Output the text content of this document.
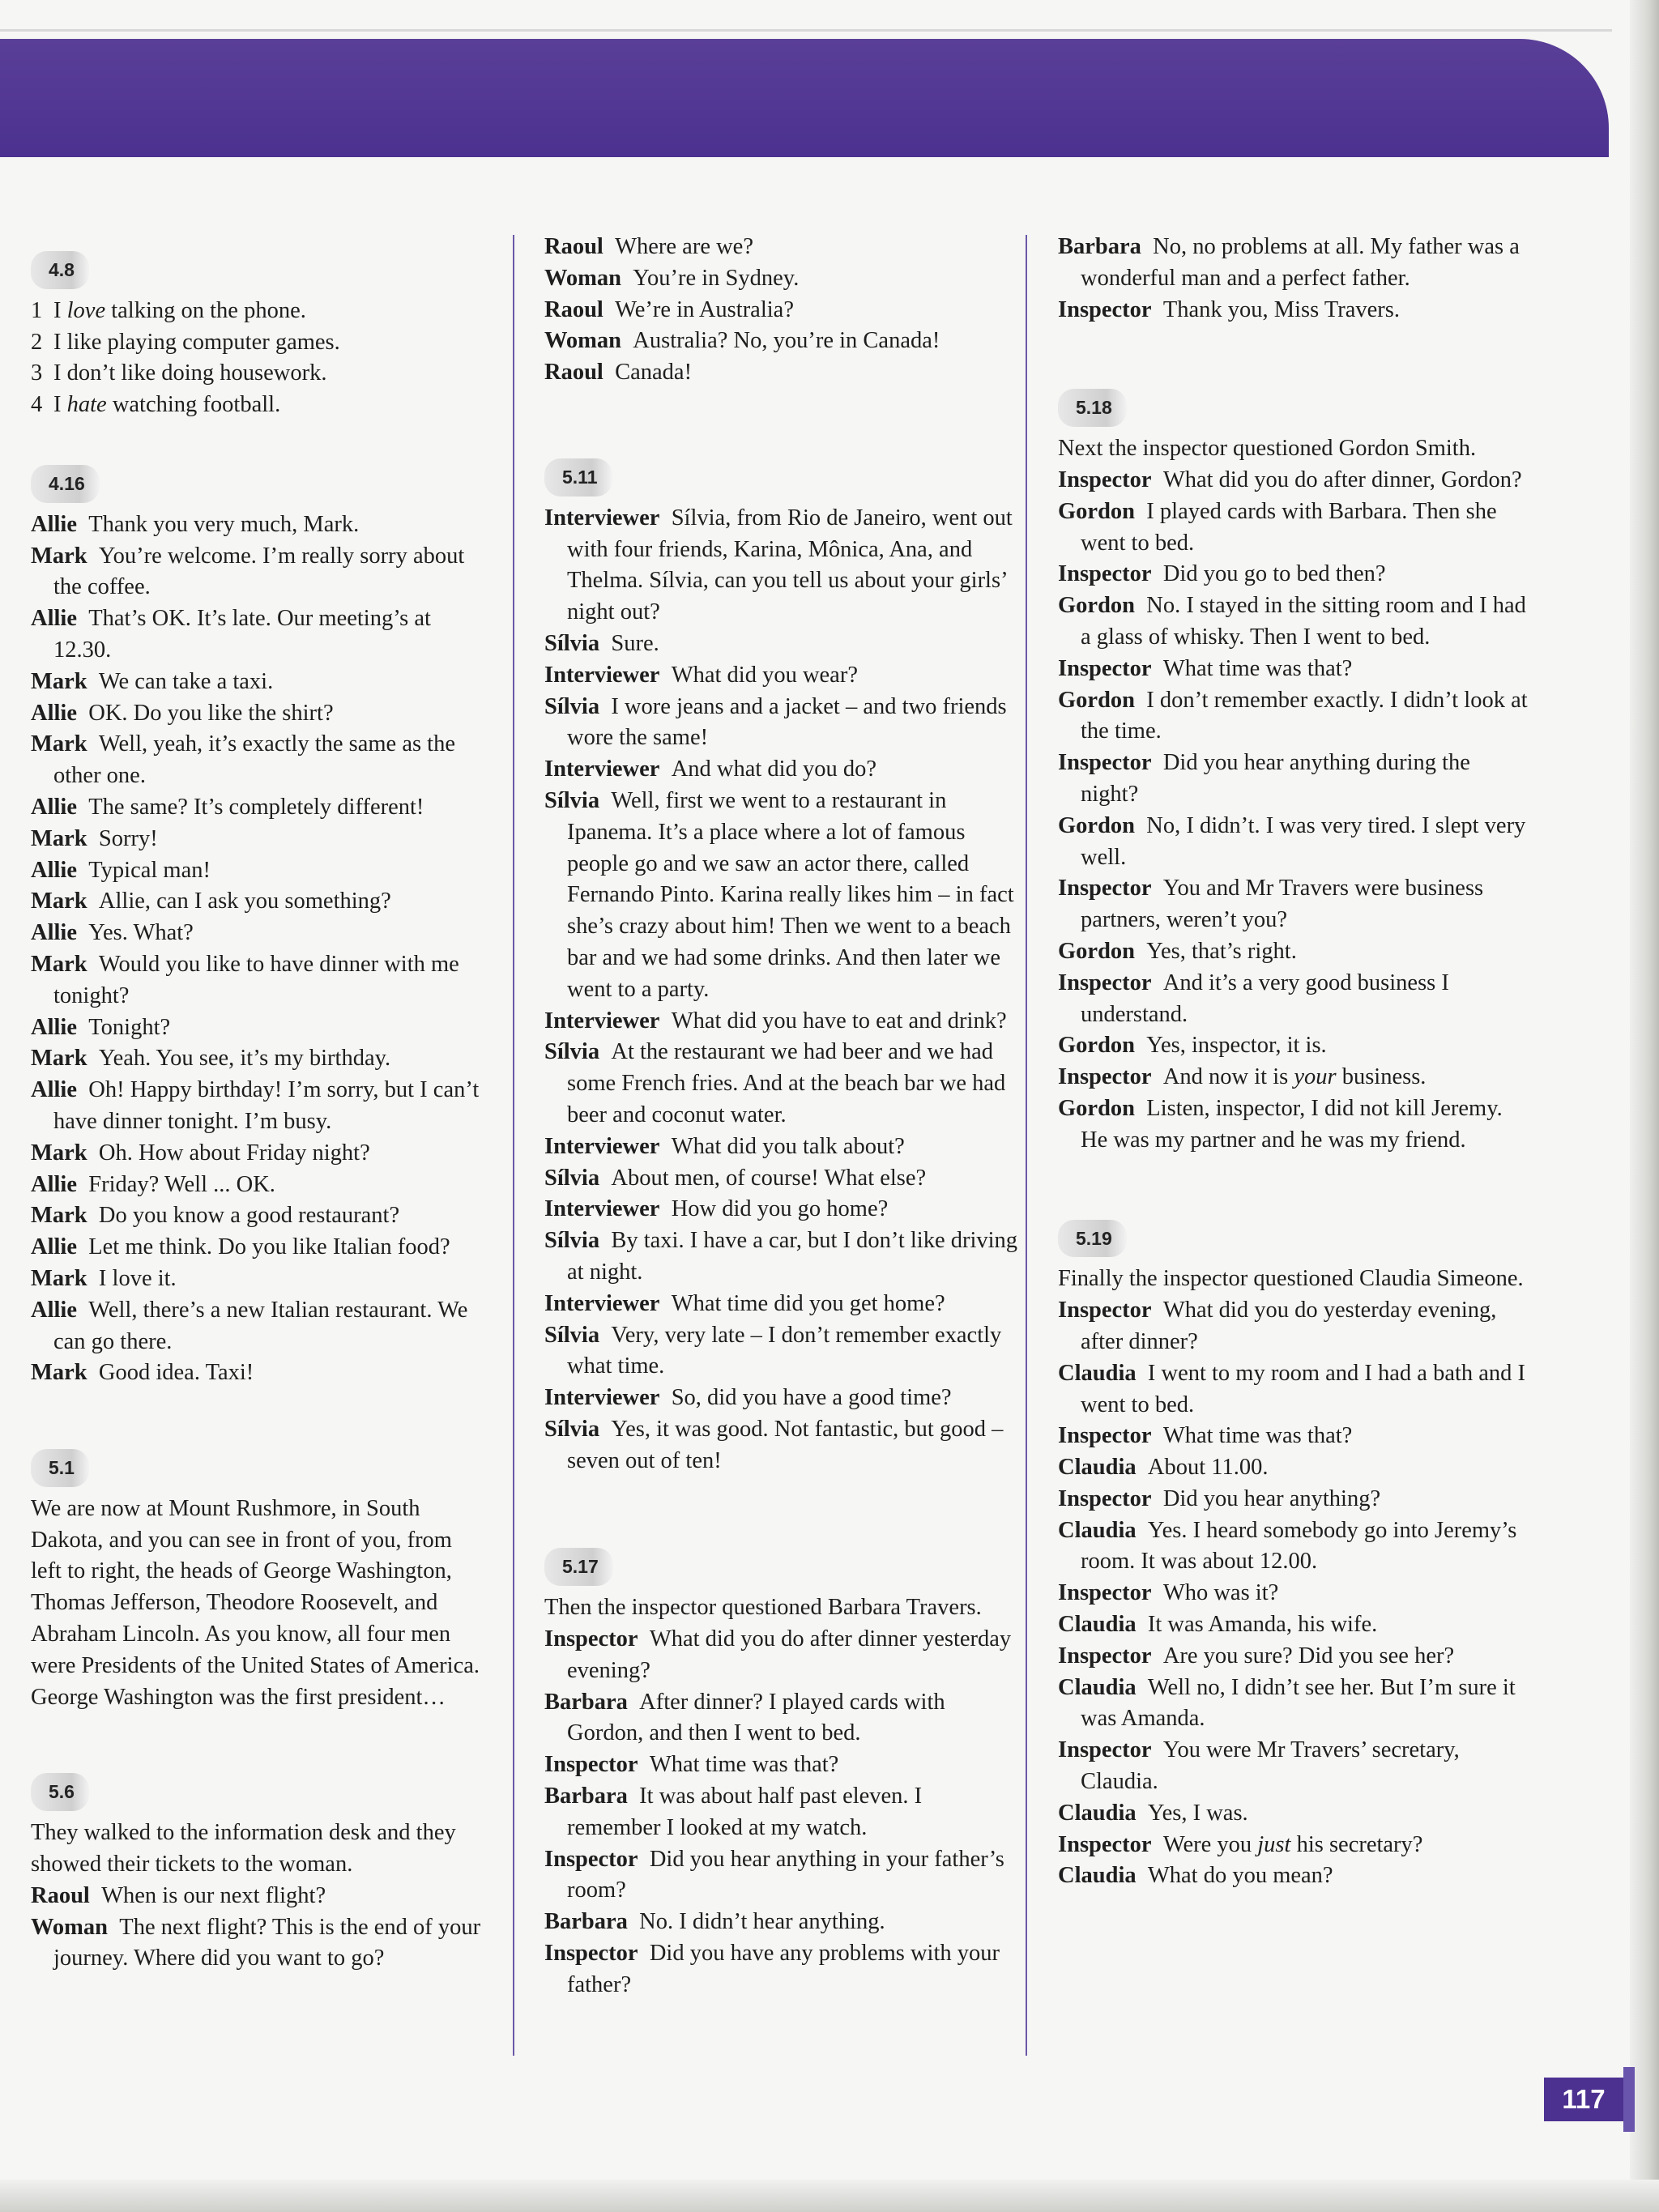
4.8
1 I love talking on the phone.
2 I like playing computer games.
3 I don’t like doing housework.
4 I hate watching football.
4.16

Allie  Thank you very much, Mark.

Mark  You’re welcome. I’m really sorry about the coffee.

Allie  That’s OK. It’s late. Our meeting’s at 12.30.

Mark  We can take a taxi.

Allie  OK. Do you like the shirt?

Mark  Well, yeah, it’s exactly the same as the other one.

Allie  The same? It’s completely different!

Mark  Sorry!

Allie  Typical man!

Mark  Allie, can I ask you something?

Allie  Yes. What?

Mark  Would you like to have dinner with me tonight?

Allie  Tonight?

Mark  Yeah. You see, it’s my birthday.

Allie  Oh! Happy birthday! I’m sorry, but I can’t have dinner tonight. I’m busy.

Mark  Oh. How about Friday night?

Allie  Friday? Well ... OK.

Mark  Do you know a good restaurant?

Allie  Let me think. Do you like Italian food?

Mark  I love it.

Allie  Well, there’s a new Italian restaurant. We can go there.

Mark  Good idea. Taxi!

5.1

We are now at Mount Rushmore, in South Dakota, and you can see in front of you, from left to right, the heads of George Washington, Thomas Jefferson, Theodore Roosevelt, and Abraham Lincoln. As you know, all four men were Presidents of the United States of America. George Washington was the first president…

5.6

They walked to the information desk and they showed their tickets to the woman.

Raoul  When is our next flight?

Woman  The next flight? This is the end of your journey. Where did you want to go?

Raoul  Where are we?

Woman  You’re in Sydney.

Raoul  We’re in Australia?

Woman  Australia? No, you’re in Canada!

Raoul  Canada!

5.11

Interviewer  Sílvia, from Rio de Janeiro, went out with four friends, Karina, Mônica, Ana, and Thelma. Sílvia, can you tell us about your girls’ night out?

Sílvia  Sure.

Interviewer  What did you wear?

Sílvia  I wore jeans and a jacket – and two friends wore the same!

Interviewer  And what did you do?

Sílvia  Well, first we went to a restaurant in Ipanema. It’s a place where a lot of famous people go and we saw an actor there, called Fernando Pinto. Karina really likes him – in fact she’s crazy about him! Then we went to a beach bar and we had some drinks. And then later we went to a party.

Interviewer  What did you have to eat and drink?

Sílvia  At the restaurant we had beer and we had some French fries. And at the beach bar we had beer and coconut water.

Interviewer  What did you talk about?

Sílvia  About men, of course! What else?

Interviewer  How did you go home?

Sílvia  By taxi. I have a car, but I don’t like driving at night.

Interviewer  What time did you get home?

Sílvia  Very, very late – I don’t remember exactly what time.

Interviewer  So, did you have a good time?

Sílvia  Yes, it was good. Not fantastic, but good – seven out of ten!

5.17

Then the inspector questioned Barbara Travers.

Inspector  What did you do after dinner yesterday evening?

Barbara  After dinner? I played cards with Gordon, and then I went to bed.

Inspector  What time was that?

Barbara  It was about half past eleven. I remember I looked at my watch.

Inspector  Did you hear anything in your father’s room?

Barbara  No. I didn’t hear anything.

Inspector  Did you have any problems with your father?

Barbara  No, no problems at all. My father was a wonderful man and a perfect father.

Inspector  Thank you, Miss Travers.

5.18

Next the inspector questioned Gordon Smith.

Inspector  What did you do after dinner, Gordon?

Gordon  I played cards with Barbara. Then she went to bed.

Inspector  Did you go to bed then?

Gordon  No. I stayed in the sitting room and I had a glass of whisky. Then I went to bed.

Inspector  What time was that?

Gordon  I don’t remember exactly. I didn’t look at the time.

Inspector  Did you hear anything during the night?

Gordon  No, I didn’t. I was very tired. I slept very well.

Inspector  You and Mr Travers were business partners, weren’t you?

Gordon  Yes, that’s right.

Inspector  And it’s a very good business I understand.

Gordon  Yes, inspector, it is.

Inspector  And now it is your business.

Gordon  Listen, inspector, I did not kill Jeremy. He was my partner and he was my friend.

5.19

Finally the inspector questioned Claudia Simeone.

Inspector  What did you do yesterday evening, after dinner?

Claudia  I went to my room and I had a bath and I went to bed.

Inspector  What time was that?

Claudia  About 11.00.

Inspector  Did you hear anything?

Claudia  Yes. I heard somebody go into Jeremy’s room. It was about 12.00.

Inspector  Who was it?

Claudia  It was Amanda, his wife.

Inspector  Are you sure? Did you see her?

Claudia  Well no, I didn’t see her. But I’m sure it was Amanda.

Inspector  You were Mr Travers’ secretary, Claudia.

Claudia  Yes, I was.

Inspector  Were you just his secretary?

Claudia  What do you mean?

117
